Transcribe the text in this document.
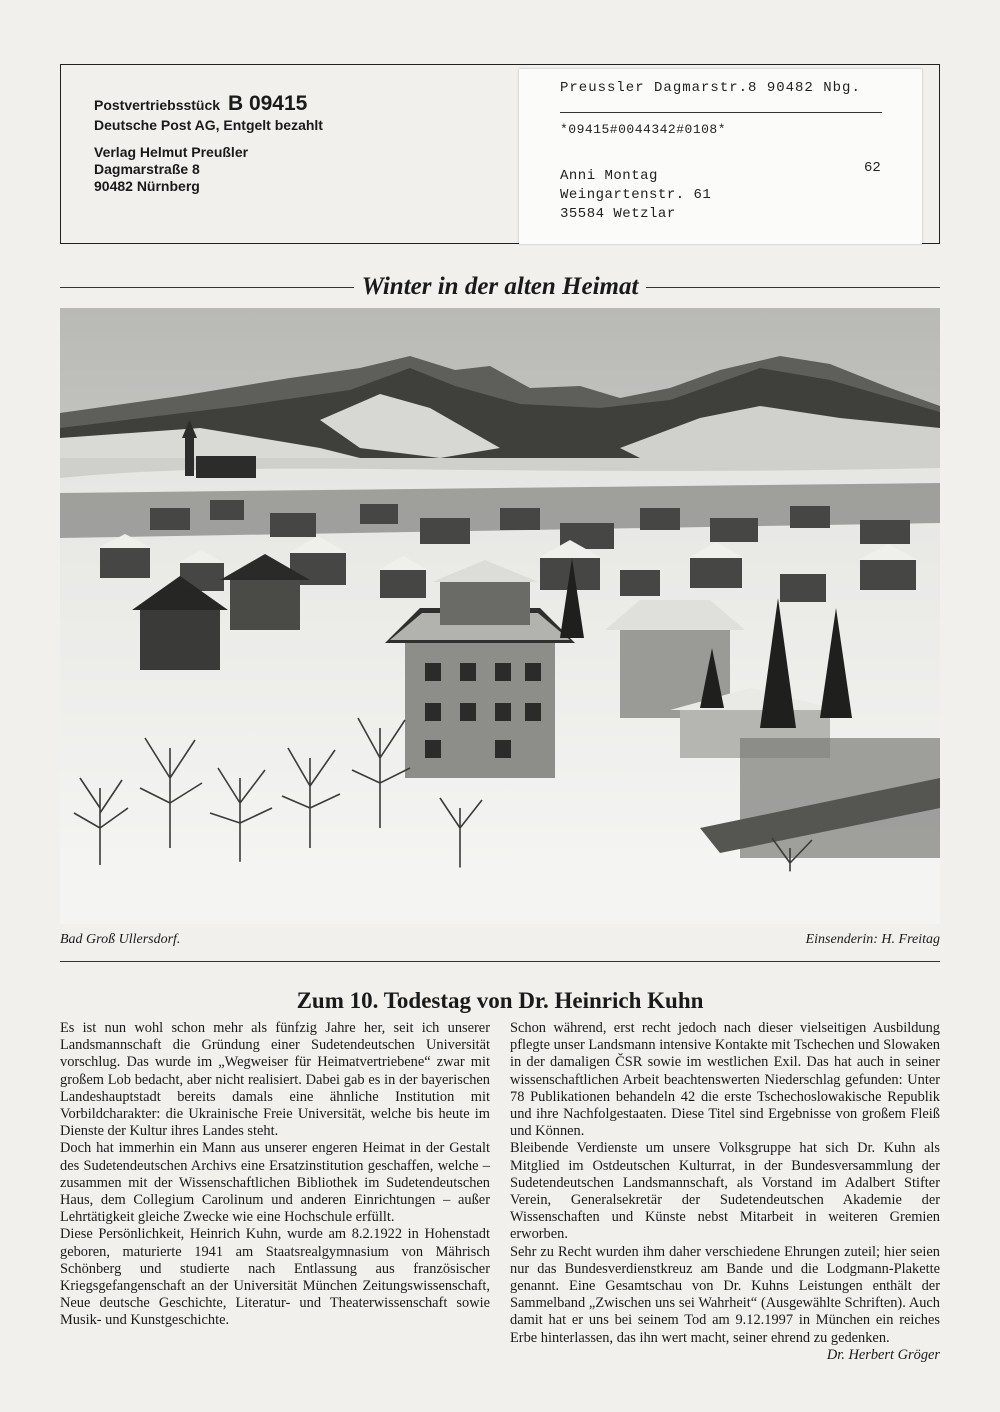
Postvertriebsstück B 09415
Deutsche Post AG, Entgelt bezahlt
Verlag Helmut Preußler
Dagmarstraße 8
90482 Nürnberg
Preussler Dagmarstr.8 90482 Nbg.
*09415#0044342#0108*
62
Anni Montag
Weingartenstr. 61
35584 Wetzlar
Winter in der alten Heimat
Bad Groß Ullersdorf.	Einsenderin: H. Freitag
Zum 10. Todestag von Dr. Heinrich Kuhn

Es ist nun wohl schon mehr als fünfzig Jahre her, seit ich unserer Landsmannschaft die Gründung einer Sudetendeutschen Universität vorschlug. Das wurde im „Wegweiser für Heimatvertriebene“ zwar mit großem Lob bedacht, aber nicht realisiert. Dabei gab es in der bayerischen Landeshauptstadt bereits damals eine ähnliche Institution mit Vorbildcharakter: die Ukrainische Freie Universität, welche bis heute im Dienste der Kultur ihres Landes steht.

Doch hat immerhin ein Mann aus unserer engeren Heimat in der Gestalt des Sudetendeutschen Archivs eine Ersatzinstitution geschaffen, welche – zusammen mit der Wissenschaftlichen Bibliothek im Sudetendeutschen Haus, dem Collegium Carolinum und anderen Einrichtungen – außer Lehrtätigkeit gleiche Zwecke wie eine Hochschule erfüllt.

Diese Persönlichkeit, Heinrich Kuhn, wurde am 8.2.1922 in Hohenstadt geboren, maturierte 1941 am Staatsrealgymnasium von Mährisch Schönberg und studierte nach Entlassung aus französischer Kriegsgefangenschaft an der Universität München Zeitungswissenschaft, Neue deutsche Geschichte, Literatur- und Theaterwissenschaft sowie Musik- und Kunstgeschichte.

Schon während, erst recht jedoch nach dieser vielseitigen Ausbildung pflegte unser Landsmann intensive Kontakte mit Tschechen und Slowaken in der damaligen ČSR sowie im westlichen Exil. Das hat auch in seiner wissenschaftlichen Arbeit beachtenswerten Niederschlag gefunden: Unter 78 Publikationen behandeln 42 die erste Tschechoslowakische Republik und ihre Nachfolgestaaten. Diese Titel sind Ergebnisse von großem Fleiß und Können.

Bleibende Verdienste um unsere Volksgruppe hat sich Dr. Kuhn als Mitglied im Ostdeutschen Kulturrat, in der Bundesversammlung der Sudetendeutschen Landsmannschaft, als Vorstand im Adalbert Stifter Verein, Generalsekretär der Sudetendeutschen Akademie der Wissenschaften und Künste nebst Mitarbeit in weiteren Gremien erworben.

Sehr zu Recht wurden ihm daher verschiedene Ehrungen zuteil; hier seien nur das Bundesverdienstkreuz am Bande und die Lodgmann-Plakette genannt. Eine Gesamtschau von Dr. Kuhns Leistungen enthält der Sammelband „Zwischen uns sei Wahrheit“ (Ausgewählte Schriften). Auch damit hat er uns bei seinem Tod am 9.12.1997 in München ein reiches Erbe hinterlassen, das ihn wert macht, seiner ehrend zu gedenken.
Dr. Herbert Gröger
